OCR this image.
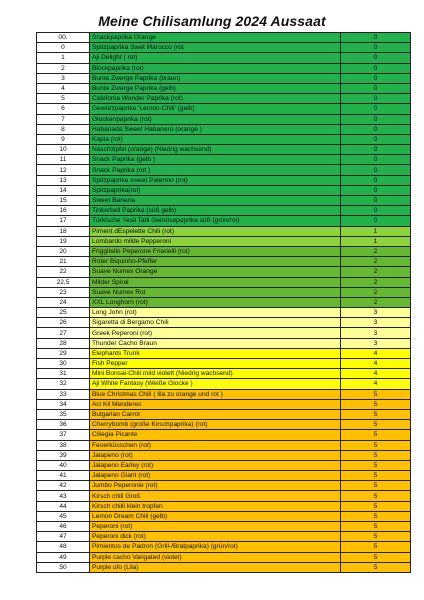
Meine Chilisamlung 2024 Aussaat
00.	Snackpaprika Orange	0
0	Spitzpaprika Swet Marocco (rot	0
1	Aji Delight ( rot)	0
2	Blockpaprika (rot)	0
3	Bunte Zwerge Paprika (braun)	0
4	Bunte Zwerge Paprika (gelb)	0
5	Calefonia Wonder Paprika (rot)	0
6	Gewürzpaprika 'Lemon-Chili' (gelb)	0
7	Glockenpaprika (rot)	0
8	Habanada Sweet Habanero (orange )	0
9	Kapia (rot)	0
10	Naschzipfel (orange) (Niedrig wachsend)	0
11	Snack Paprika (gelb )	0
12	Snack Paprika (rot )	0
13	Spitzpaprika sweet Palermo (rot)	0
14	Spitzpaprika(rot)	0
15	Sweet Banana	0
16	Tinkerbell Paprika (süß gelb)	0
17	Türkische Yesil Tatli Gemüsepaprika süß (grün/rot)	0
18	Piment dEspelette Chili (rot)	1
19	Lombardo milde Pepperoni	1
20	Friggitello Peperone Friarielli (rot)	2
21	Roter Biquinho-Pfeffer	2
22	Suave Numex Orange	2
22,5	Milder Spiral	2
23	Suave Numex Rot	2
24	XXL Longhorn (rot)	2
25	Long John (rot)	3
26	Sigaretta di Bergamo Chili	3
27	Greek Peperoni (rot)	3
28	Thunder Cacho Braun	3
29	Elephants Trunk	4
30	Fish Pepper	4
31	Mini Bonsai-Chili mild violett (Niedrig wachsend)	4
32	Aji White Fantasy (Weiße Glocke )	4
33	Blue Christmas Chili ( lila zu orange und rot )	5
34	Aci Kil Menderes	5
35	Bulgarian Carrot	5
36	Cherrybomb (große Kirschpaprika) (rot)	5
37	Ciliegia Picante	5
38	Feuerküsschen (rot)	5
39	Jalapeno (rot)	5
40	Jalapeno Earley (rot)	5
41	Jalapeno Giant (rot)	5
42	Jumbo Peperonie (rot)	5
43	Kirsch chili Groß	5
44	Kirsch chilli klein tropfen	5
45	Lemon Dream Chili (gelb)	5
46	Peperoni (rot)	5
47	Peperoni dick (rot)	5
48	Pimientos de Padron (Grill-/Bratpaprika) (grün/rot)	5
49	Purple cacho Varigated (violet)	5
50	Purple ufo (Lila)	5
